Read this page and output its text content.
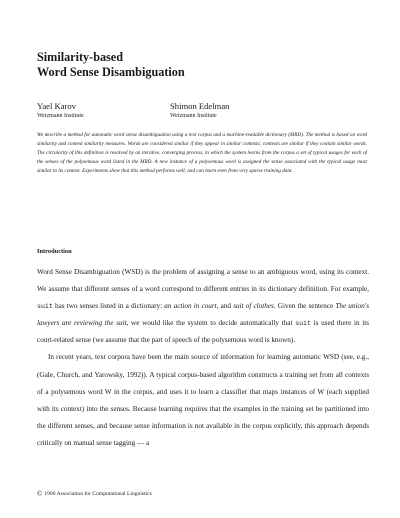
Similarity-based
Word Sense Disambiguation
Yael Karov
Weizmann Institute
Shimon Edelman
Weizmann Institute
We describe a method for automatic word sense disambiguation using a text corpus and a machine-readable dictionary (MRD). The method is based on word similarity and context similarity measures. Words are considered similar if they appear in similar contexts; contexts are similar if they contain similar words. The circularity of this definition is resolved by an iterative, converging process, in which the system learns from the corpus a set of typical usages for each of the senses of the polysemous word listed in the MRD. A new instance of a polysemous word is assigned the sense associated with the typical usage most similar to its context. Experiments show that this method performs well, and can learn even from very sparse training data.
Introduction
Word Sense Disambiguation (WSD) is the problem of assigning a sense to an ambiguous word, using its context. We assume that different senses of a word correspond to different entries in its dictionary definition. For example, suit has two senses listed in a dictionary: an action in court, and suit of clothes. Given the sentence The union's lawyers are reviewing the suit, we would like the system to decide automatically that suit is used there in its court-related sense (we assume that the part of speech of the polysemous word is known).
In recent years, text corpora have been the main source of information for learning automatic WSD (see, e.g., (Gale, Church, and Yarowsky, 1992)). A typical corpus-based algorithm constructs a training set from all contexts of a polysemous word W in the corpus, and uses it to learn a classifier that maps instances of W (each supplied with its context) into the senses. Because learning requires that the examples in the training set be partitioned into the different senses, and because sense information is not available in the corpus explicitly, this approach depends critically on manual sense tagging — a
© 1996 Association for Computational Linguistics
